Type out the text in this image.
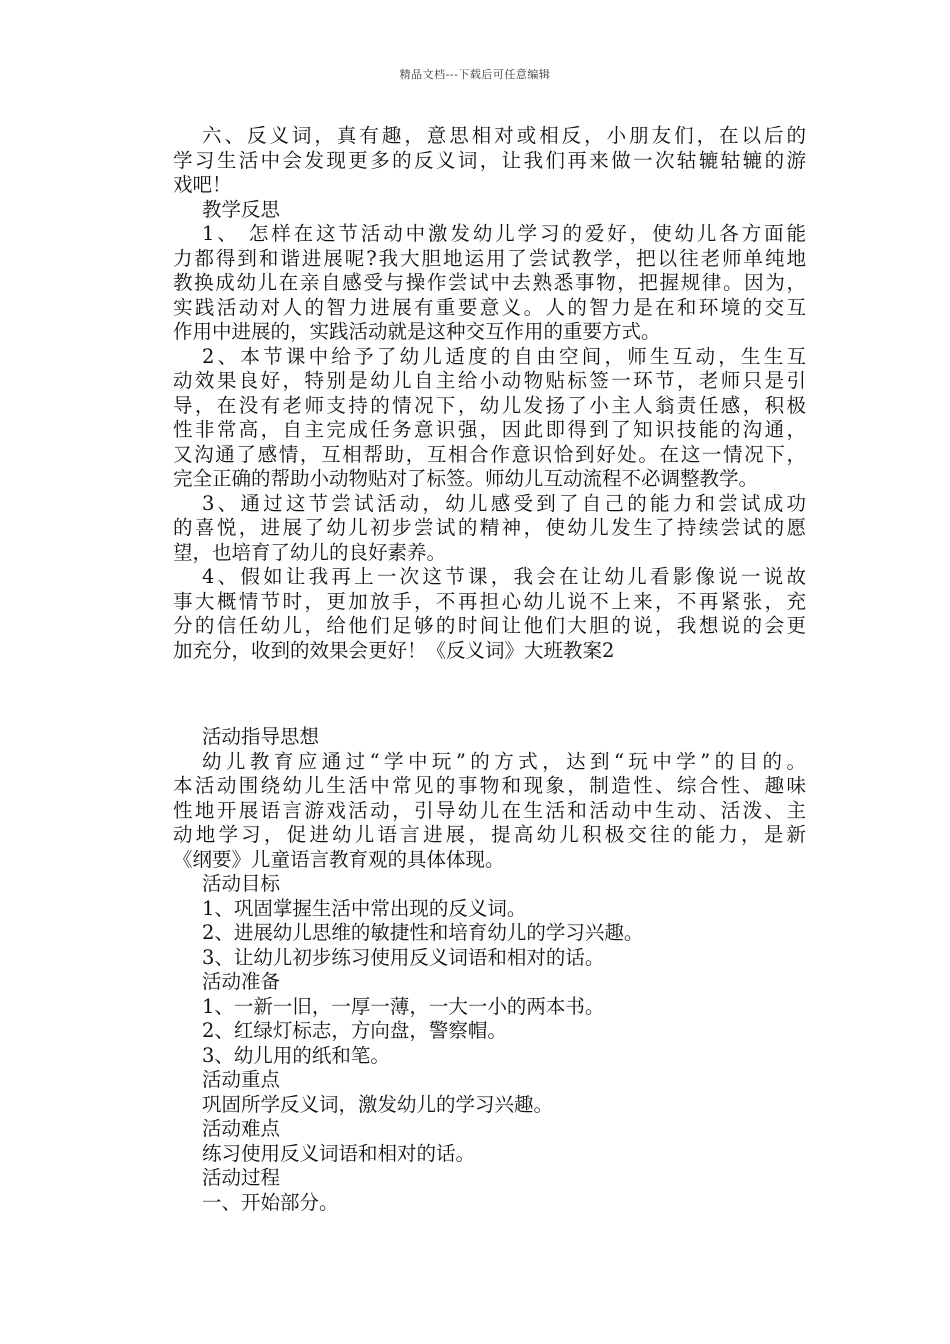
精品文档---下载后可任意编辑
六、反义词，真有趣，意思相对或相反，小朋友们，在以后的
学习生活中会发现更多的反义词，让我们再来做一次轱辘轱辘的游
戏吧！
教学反思
1、 怎样在这节活动中激发幼儿学习的爱好，使幼儿各方面能
力都得到和谐进展呢?我大胆地运用了尝试教学，把以往老师单纯地
教换成幼儿在亲自感受与操作尝试中去熟悉事物，把握规律。因为，
实践活动对人的智力进展有重要意义。人的智力是在和环境的交互
作用中进展的，实践活动就是这种交互作用的重要方式。
2、本节课中给予了幼儿适度的自由空间，师生互动，生生互
动效果良好，特别是幼儿自主给小动物贴标签一环节，老师只是引
导，在没有老师支持的情况下，幼儿发扬了小主人翁责任感，积极
性非常高，自主完成任务意识强，因此即得到了知识技能的沟通，
又沟通了感情，互相帮助，互相合作意识恰到好处。在这一情况下，
完全正确的帮助小动物贴对了标签。师幼儿互动流程不必调整教学。
3、通过这节尝试活动，幼儿感受到了自己的能力和尝试成功
的喜悦，进展了幼儿初步尝试的精神，使幼儿发生了持续尝试的愿
望，也培育了幼儿的良好素养。
4、假如让我再上一次这节课，我会在让幼儿看影像说一说故
事大概情节时，更加放手，不再担心幼儿说不上来，不再紧张，充
分的信任幼儿，给他们足够的时间让他们大胆的说，我想说的会更
加充分，收到的效果会更好！《反义词》大班教案2
活动指导思想
幼儿教育应通过“学中玩”的方式，达到“玩中学”的目的。
本活动围绕幼儿生活中常见的事物和现象，制造性、综合性、趣味
性地开展语言游戏活动，引导幼儿在生活和活动中生动、活泼、主
动地学习，促进幼儿语言进展，提高幼儿积极交往的能力，是新
《纲要》儿童语言教育观的具体体现。
活动目标
1、巩固掌握生活中常出现的反义词。
2、进展幼儿思维的敏捷性和培育幼儿的学习兴趣。
3、让幼儿初步练习使用反义词语和相对的话。
活动准备
1、一新一旧，一厚一薄，一大一小的两本书。
2、红绿灯标志，方向盘，警察帽。
3、幼儿用的纸和笔。
活动重点
巩固所学反义词，激发幼儿的学习兴趣。
活动难点
练习使用反义词语和相对的话。
活动过程
一、开始部分。
